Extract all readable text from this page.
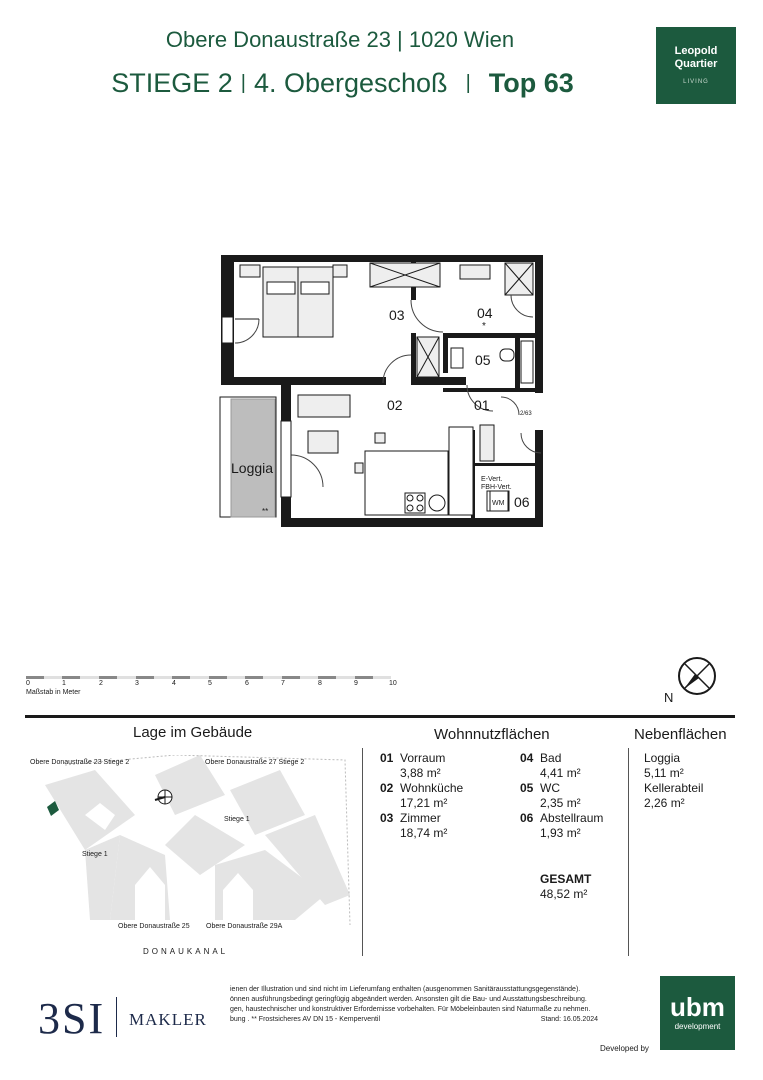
Obere Donaustraße 23 | 1020 Wien
STIEGE 2 | 4. Obergeschoß | Top 63
Leopold
Quartier
LIVING
03	04
*
05
02	01
2/63
E-Vert.
FBH-Vert.
WM 06
Loggia
**
0	1	2	3	4	5	6	7	8	9	10
Maßstab in Meter	N
Lage im Gebäude
Obere Donaustraße 23 Stiege 2	Obere Donaustraße 27 Stiege 2
Stiege 1
Stiege 1
Obere Donaustraße 25 Obere Donaustraße 29A
DONAUKANAL
Wohnnutzflächen
01 Vorraum
3,88 m²
02 Wohnküche
17,21 m²
03 Zimmer
18,74 m²
04 Bad
4,41 m²
05 WC
2,35 m²
06 Abstellraum
1,93 m²
GESAMT
48,52 m²
Nebenflächen
Loggia
5,11 m²
Kellerabteil
2,26 m²
3SI MAKLER
ienen der Illustration und sind nicht im Lieferumfang enthalten (ausgenommen Sanitärausstattungsgegenstände).
önnen ausführungsbedingt geringfügig abgeändert werden. Ansonsten gilt die Bau- und Ausstattungsbeschreibung.
gen, haustechnischer und konstruktiver Erfordernisse vorbehalten. Für Möbeleinbauten sind Naturmaße zu nehmen.
bung . ** Frostsicheres AV DN 15 - Kemperventil	Stand: 16.05.2024	ubm
development
Developed by
